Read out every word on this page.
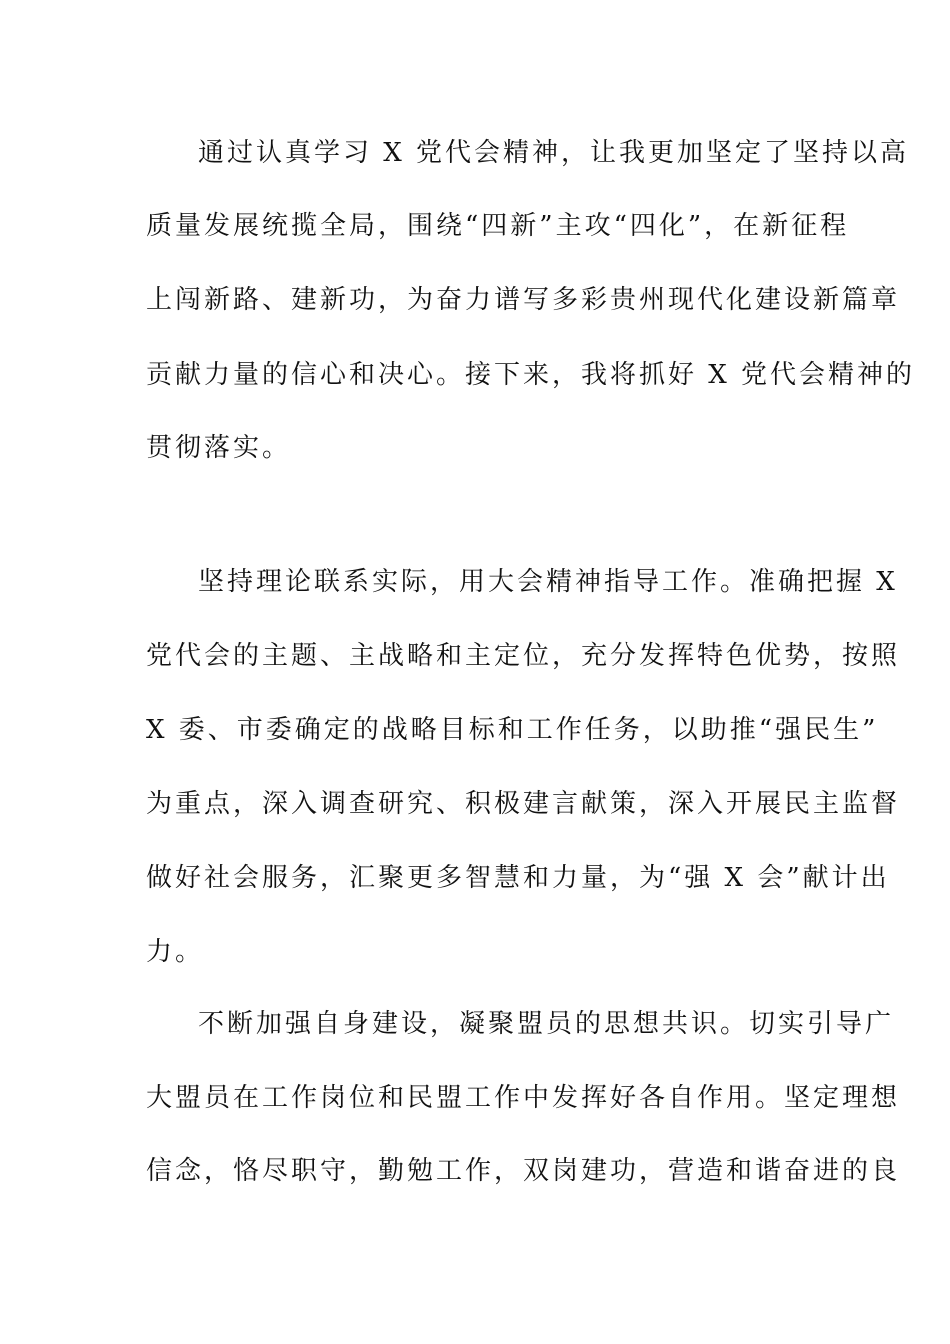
通过认真学习 X 党代会精神，让我更加坚定了坚持以高
质量发展统揽全局，围绕“四新”主攻“四化”，在新征程
上闯新路、建新功，为奋力谱写多彩贵州现代化建设新篇章
贡献力量的信心和决心。接下来，我将抓好 X 党代会精神的
贯彻落实。
坚持理论联系实际，用大会精神指导工作。准确把握 X
党代会的主题、主战略和主定位，充分发挥特色优势，按照
X 委、市委确定的战略目标和工作任务，以助推“强民生”
为重点，深入调查研究、积极建言献策，深入开展民主监督
做好社会服务，汇聚更多智慧和力量，为“强 X 会”献计出
力。
不断加强自身建设，凝聚盟员的思想共识。切实引导广
大盟员在工作岗位和民盟工作中发挥好各自作用。坚定理想
信念，恪尽职守，勤勉工作，双岗建功，营造和谐奋进的良
